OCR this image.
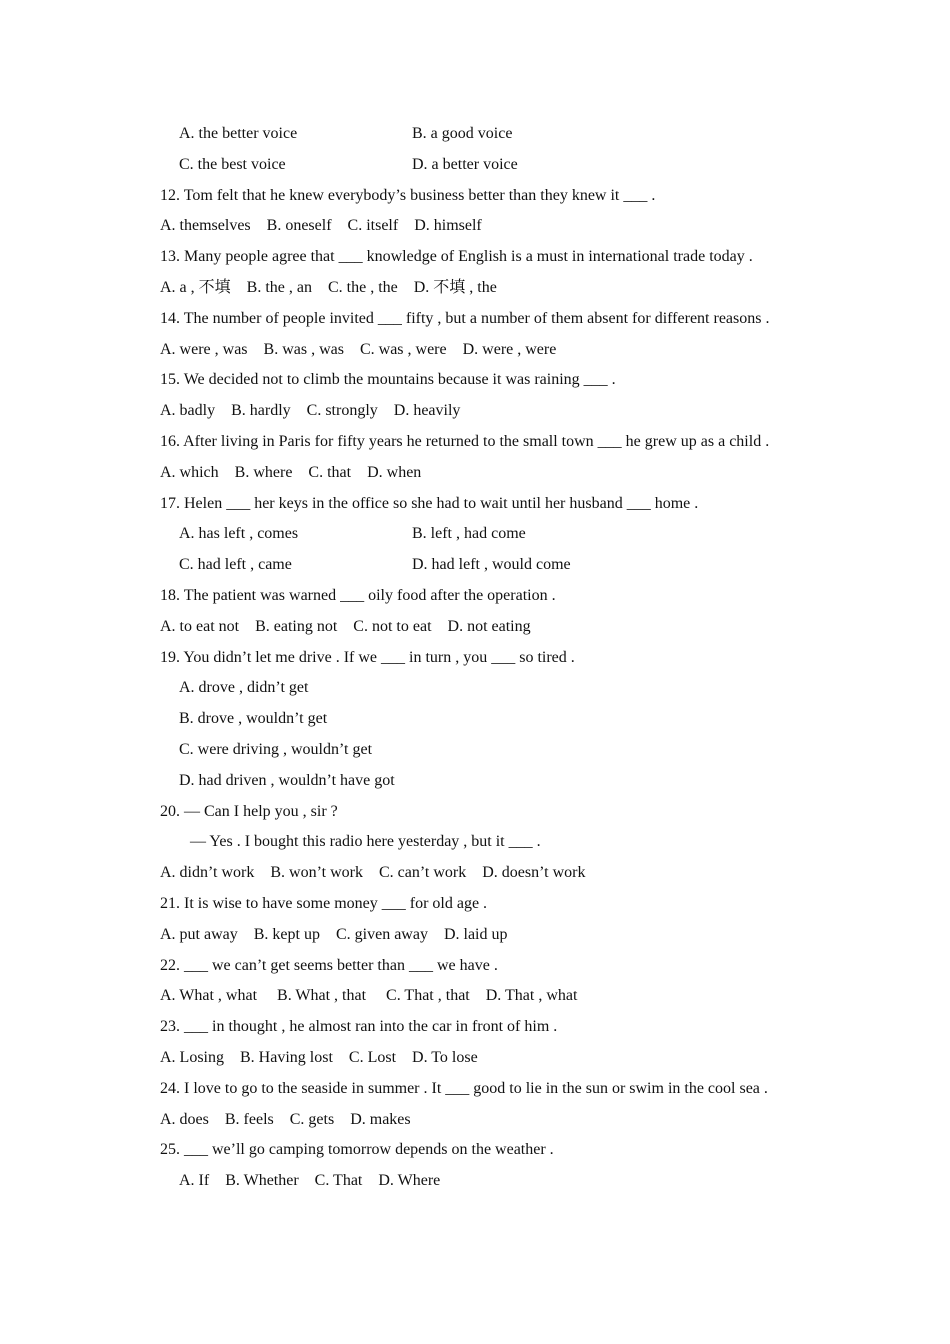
A. the better voice	B. a good voice
C. the best voice	D. a better voice
12. Tom felt that he knew everybody’s business better than they knew it ___ .
A. themselves    B. oneself    C. itself    D. himself
13. Many people agree that ___ knowledge of English is a must in international trade today .
A. a , 不填    B. the , an    C. the , the    D. 不填 , the
14. The number of people invited ___ fifty , but a number of them absent for different reasons .
A. were , was    B. was , was    C. was , were    D. were , were
15. We decided not to climb the mountains because it was raining ___ .
A. badly    B. hardly    C. strongly    D. heavily
16. After living in Paris for fifty years he returned to the small town ___ he grew up as a child .
A. which    B. where    C. that    D. when
17. Helen ___ her keys in the office so she had to wait until her husband ___ home .
A. has left , comes	B. left , had come
C. had left , came	D. had left , would come
18. The patient was warned ___ oily food after the operation .
A. to eat not    B. eating not    C. not to eat    D. not eating
19. You didn’t let me drive . If we ___ in turn , you ___ so tired .
A. drove , didn’t get
B. drove , wouldn’t get
C. were driving , wouldn’t get
D. had driven , wouldn’t have got
20. — Can I help you , sir ?
— Yes . I bought this radio here yesterday , but it ___ .
A. didn’t work    B. won’t work    C. can’t work    D. doesn’t work
21. It is wise to have some money ___ for old age .
A. put away    B. kept up    C. given away    D. laid up
22. ___ we can’t get seems better than ___ we have .
A. What , what     B. What , that     C. That , that    D. That , what
23. ___ in thought , he almost ran into the car in front of him .
A. Losing    B. Having lost    C. Lost    D. To lose
24. I love to go to the seaside in summer . It ___ good to lie in the sun or swim in the cool sea .
A. does    B. feels    C. gets    D. makes
25. ___ we’ll go camping tomorrow depends on the weather .
A. If    B. Whether    C. That    D. Where
